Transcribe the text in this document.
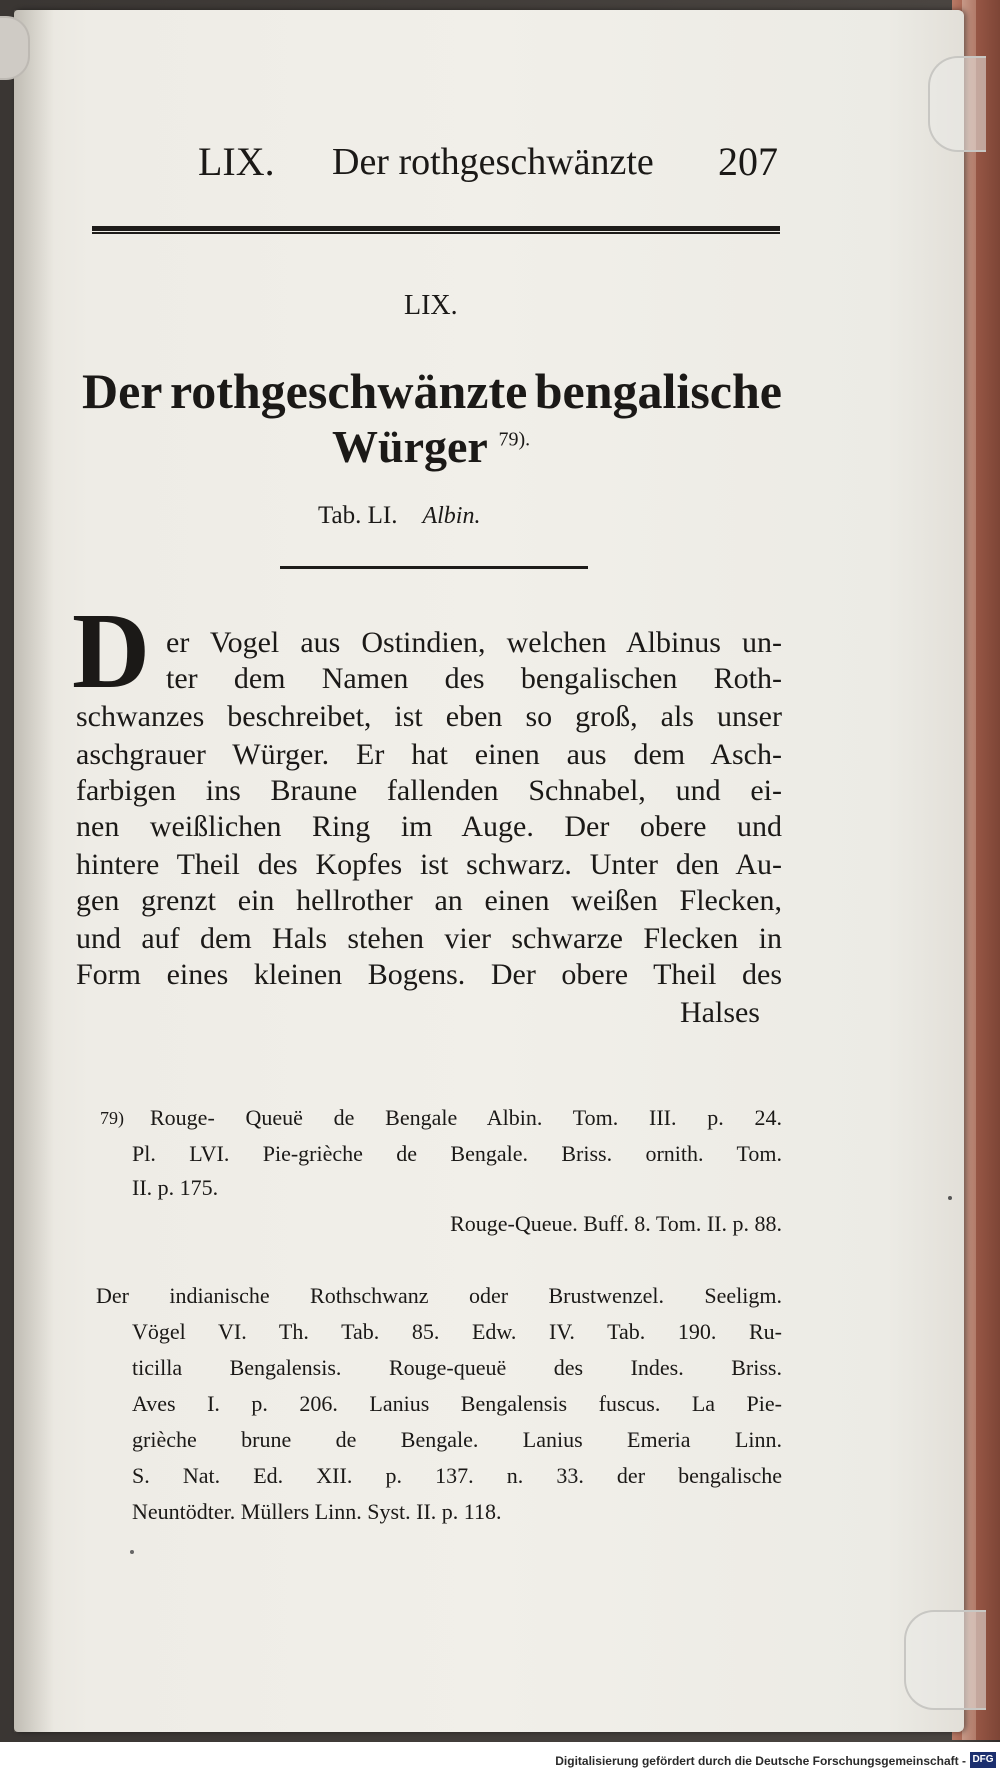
LIX. Der rothgeschwänzte 207
LIX.
Der rothgeschwänzte bengalische
Würger $^{79).}$
Tab. LI. Albin.
D er Vogel aus Ostindien, welchen Albinus un-
ter dem Namen des bengalischen Roth-
schwanzes beschreibet, ist eben so groß, als unser
aschgrauer Würger. Er hat einen aus dem Asch-
farbigen ins Braune fallenden Schnabel, und ei-
nen weißlichen Ring im Auge. Der obere und
hintere Theil des Kopfes ist schwarz. Unter den Au-
gen grenzt ein hellrother an einen weißen Flecken,
und auf dem Hals stehen vier schwarze Flecken in
Form eines kleinen Bogens. Der obere Theil des
Halses
79) Rouge- Queuë de Bengale Albin. Tom. III. p. 24.
Pl. LVI. Pie-grièche de Bengale. Briss. ornith. Tom.
II. p. 175.
Rouge-Queue. Buff. 8. Tom. II. p. 88.
Der indianische Rothschwanz oder Brustwenzel. Seeligm.
Vögel VI. Th. Tab. 85. Edw. IV. Tab. 190. Ru-
ticilla Bengalensis. Rouge-queuë des Indes. Briss.
Aves I. p. 206. Lanius Bengalensis fuscus. La Pie-
grièche brune de Bengale. Lanius Emeria Linn.
S. Nat. Ed. XII. p. 137. n. 33. der bengalische
Neuntödter. Müllers Linn. Syst. II. p. 118.
Digitalisierung gefördert durch die Deutsche Forschungsgemeinschaft - DFG
